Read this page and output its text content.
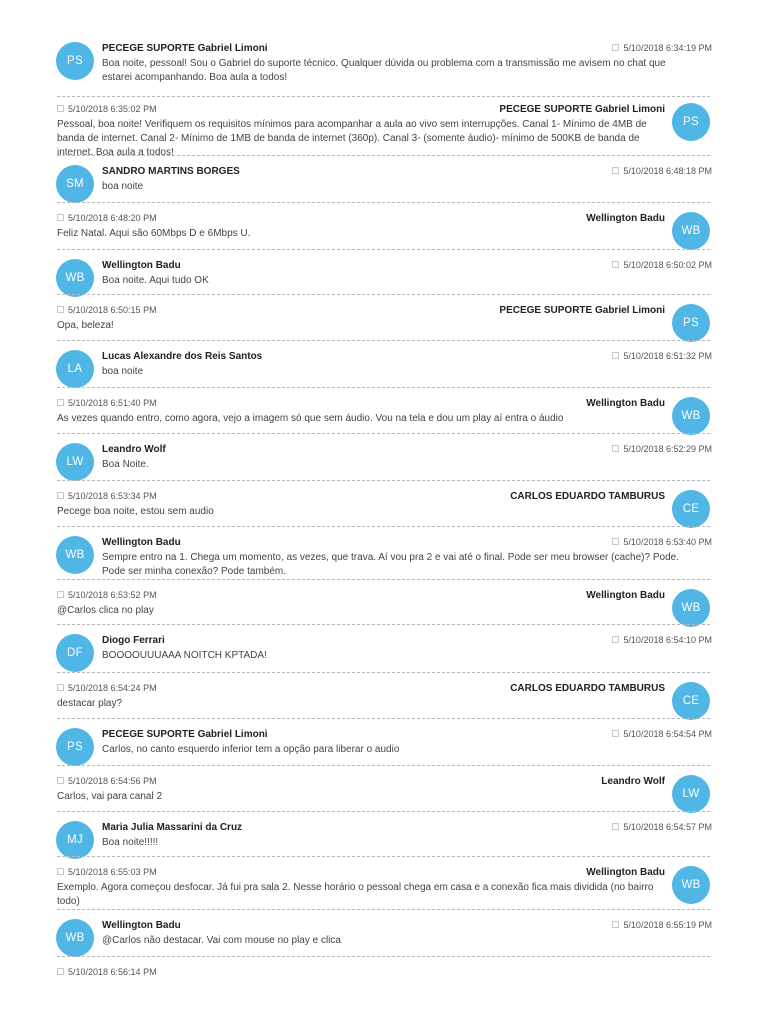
PS
PECEGE SUPORTE Gabriel Limoni	5/10/2018 6:34:19 PM
Boa noite, pessoal! Sou o Gabriel do suporte técnico. Qualquer dúvida ou problema com a transmissão me avisem no chat que estarei acompanhando. Boa aula a todos!
PS
PECEGE SUPORTE Gabriel Limoni
5/10/2018 6:35:02 PM
Pessoal, boa noite! Verifiquem os requisitos mínimos para acompanhar a aula ao vivo sem interrupções. Canal 1- Mínimo de 4MB de banda de internet. Canal 2- Mínimo de 1MB de banda de internet (360p). Canal 3- (somente áudio)- mínimo de 500KB de banda de internet. Boa aula a todos!
SM
SANDRO MARTINS BORGES	5/10/2018 6:48:18 PM
boa noite
WB
Wellington Badu
5/10/2018 6:48:20 PM
Feliz Natal. Aqui são 60Mbps D e 6Mbps U.
WB
Wellington Badu	5/10/2018 6:50:02 PM
Boa noite. Aqui tudo OK
PS
PECEGE SUPORTE Gabriel Limoni
5/10/2018 6:50:15 PM
Opa, beleza!
LA
Lucas Alexandre dos Reis Santos	5/10/2018 6:51:32 PM
boa noite
WB
Wellington Badu
5/10/2018 6:51:40 PM
As vezes quando entro, como agora, vejo a imagem só que sem áudio. Vou na tela e dou um play aí entra o áudio
LW
Leandro Wolf	5/10/2018 6:52:29 PM
Boa Noite.
CE
CARLOS EDUARDO TAMBURUS
5/10/2018 6:53:34 PM
Pecege boa noite, estou sem audio
WB
Wellington Badu	5/10/2018 6:53:40 PM
Sempre entro na 1. Chega um momento, as vezes, que trava. Aí vou pra 2 e vai até o final. Pode ser meu browser (cache)? Pode. Pode ser minha conexão? Pode também.
WB
Wellington Badu
5/10/2018 6:53:52 PM
@Carlos clica no play
DF
Diogo Ferrari	5/10/2018 6:54:10 PM
BOOOOUUUAAA NOITCH KPTADA!
CE
CARLOS EDUARDO TAMBURUS
5/10/2018 6:54:24 PM
destacar play?
PS
PECEGE SUPORTE Gabriel Limoni	5/10/2018 6:54:54 PM
Carlos, no canto esquerdo inferior tem a opção para liberar o audio
LW
Leandro Wolf
5/10/2018 6:54:56 PM
Carlos, vai para canal 2
MJ
Maria Julia Massarini da Cruz	5/10/2018 6:54:57 PM
Boa noite!!!!!
WB
Wellington Badu
5/10/2018 6:55:03 PM
Exemplo. Agora começou desfocar. Já fui pra sala 2. Nesse horário o pessoal chega em casa e a conexão fica mais dividida (no bairro todo)
WB
Wellington Badu	5/10/2018 6:55:19 PM
@Carlos não destacar. Vai com mouse no play e clica
5/10/2018 6:56:14 PM
